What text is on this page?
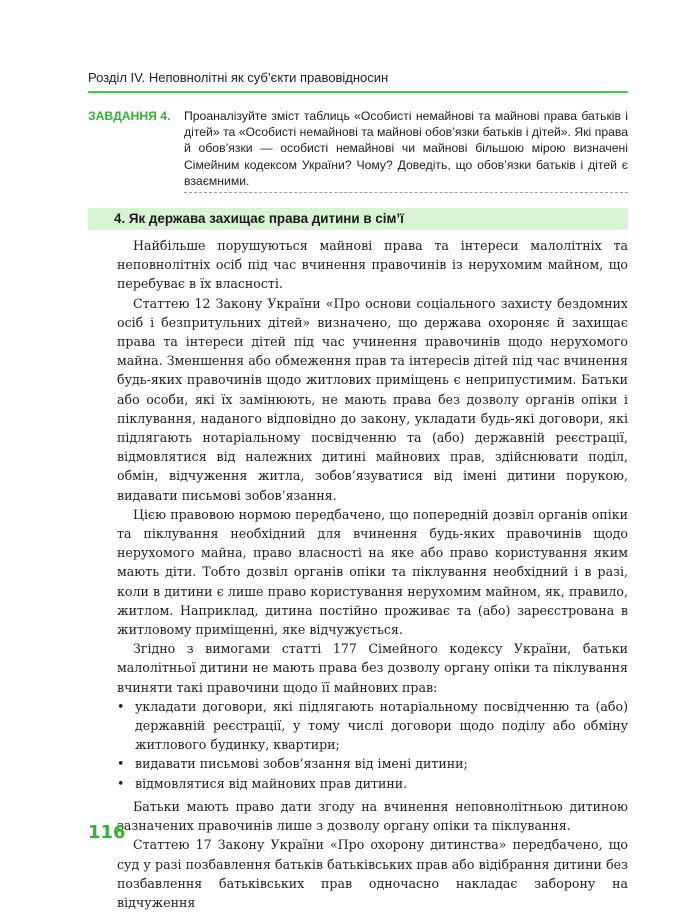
Розділ IV. Неповнолітні як суб’єкти правовідносин
ЗАВДАННЯ 4. Проаналізуйте зміст таблиць «Особисті немайнові та майнові права батьків і дітей» та «Особисті немайнові та майнові обов’язки батьків і дітей». Які права й обов’язки — особисті немайнові чи майнові більшою мірою визначені Сімейним кодексом України? Чому? Доведіть, що обов’язки батьків і дітей є взаємними.
4. Як держава захищає права дитини в сім’ї

Найбільше порушуються майнові права та інтереси малолітніх та неповнолітніх осіб під час вчинення правочинів із нерухомим майном, що перебуває в їх власності.

Статтею 12 Закону України «Про основи соціального захисту бездомних осіб і безпритульних дітей» визначено, що держава охороняє й захищає права та інтереси дітей під час учинення правочинів щодо нерухомого майна. Зменшення або обмеження прав та інтересів дітей під час вчинення будь-яких правочинів щодо житлових приміщень є неприпустимим. Батьки або особи, які їх замінюють, не мають права без дозволу органів опіки і піклування, наданого відповідно до закону, укладати будь-які договори, які підлягають нотаріальному посвідченню та (або) державній реєстрації, відмовлятися від належних дитині майнових прав, здійснювати поділ, обмін, відчуження житла, зобов’язуватися від імені дитини порукою, видавати письмові зобов’язання.

Цією правовою нормою передбачено, що попередній дозвіл органів опіки та піклування необхідний для вчинення будь-яких правочинів щодо нерухомого майна, право власності на яке або право користування яким мають діти. Тобто дозвіл органів опіки та піклування необхідний і в разі, коли в дитини є лише право користування нерухомим майном, як, правило, житлом. Наприклад, дитина постійно проживає та (або) зареєстрована в житловому приміщенні, яке відчужується.

Згідно з вимогами статті 177 Сімейного кодексу України, батьки малолітньої дитини не мають права без дозволу органу опіки та піклування вчиняти такі правочини щодо її майнових прав:

• укладати договори, які підлягають нотаріальному посвідченню та (або) державній реєстрації, у тому числі договори щодо поділу або обміну житлового будинку, квартири;
• видавати письмові зобов’язання від імені дитини;
• відмовлятися від майнових прав дитини.

Батьки мають право дати згоду на вчинення неповнолітньою дитиною зазначених правочинів лише з дозволу органу опіки та піклування.

Статтею 17 Закону України «Про охорону дитинства» передбачено, що суд у разі позбавлення батьків батьківських прав або відібрання дитини без позбавлення батьківських прав одночасно накладає заборону на відчуження

116
